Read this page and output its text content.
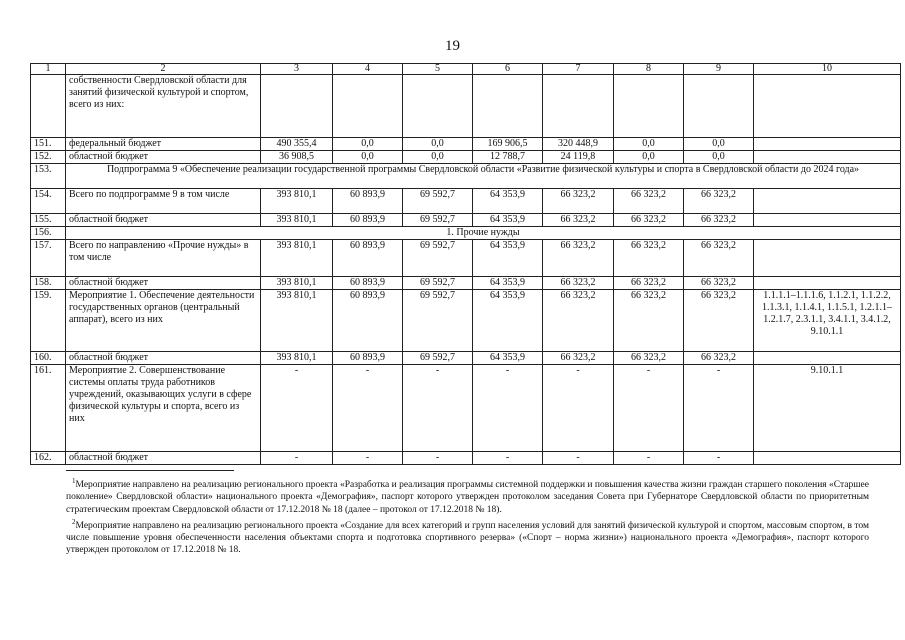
19
1	2	3	4	5	6	7	8	9	10
	собственности Свердловской области для занятий физической культурой и спортом, всего из них:								
151.	федеральный бюджет	490 355,4	0,0	0,0	169 906,5	320 448,9	0,0	0,0	
152.	областной бюджет	36 908,5	0,0	0,0	12 788,7	24 119,8	0,0	0,0	
153.	Подпрограмма 9 «Обеспечение реализации государственной программы Свердловской области «Развитие физической культуры и спорта в Свердловской области до 2024 года»								
154.	Всего по подпрограмме 9 в том числе	393 810,1	60 893,9	69 592,7	64 353,9	66 323,2	66 323,2	66 323,2	
155.	областной бюджет	393 810,1	60 893,9	69 592,7	64 353,9	66 323,2	66 323,2	66 323,2	
156.	1. Прочие нужды								
157.	Всего по направлению «Прочие нужды» в том числе	393 810,1	60 893,9	69 592,7	64 353,9	66 323,2	66 323,2	66 323,2	
158.	областной бюджет	393 810,1	60 893,9	69 592,7	64 353,9	66 323,2	66 323,2	66 323,2	
159.	Мероприятие 1. Обеспечение деятельности государственных органов (центральный аппарат), всего из них	393 810,1	60 893,9	69 592,7	64 353,9	66 323,2	66 323,2	66 323,2	1.1.1.1–1.1.1.6, 1.1.2.1, 1.1.2.2, 1.1.3.1, 1.1.4.1, 1.1.5.1, 1.2.1.1–1.2.1.7, 2.3.1.1, 3.4.1.1, 3.4.1.2, 9.10.1.1
160.	областной бюджет	393 810,1	60 893,9	69 592,7	64 353,9	66 323,2	66 323,2	66 323,2	
161.	Мероприятие 2. Совершенствование системы оплаты труда работников учреждений, оказывающих услуги в сфере физической культуры и спорта, всего из них	-	-	-	-	-	-	-	9.10.1.1
162.	областной бюджет	-	-	-	-	-	-	-	

$^1$Мероприятие направлено на реализацию регионального проекта «Разработка и реализация программы системной поддержки и повышения качества жизни граждан старшего поколения «Старшее поколение» Свердловской области» национального проекта «Демография», паспорт которого утвержден протоколом заседания Совета при Губернаторе Свердловской области по приоритетным стратегическим проектам Свердловской области от 17.12.2018 № 18 (далее – протокол от 17.12.2018 № 18).

$^2$Мероприятие направлено на реализацию регионального проекта «Создание для всех категорий и групп населения условий для занятий физической культурой и спортом, массовым спортом, в том числе повышение уровня обеспеченности населения объектами спорта и подготовка спортивного резерва» («Спорт – норма жизни») национального проекта «Демография», паспорт которого утвержден протоколом от 17.12.2018 № 18.
